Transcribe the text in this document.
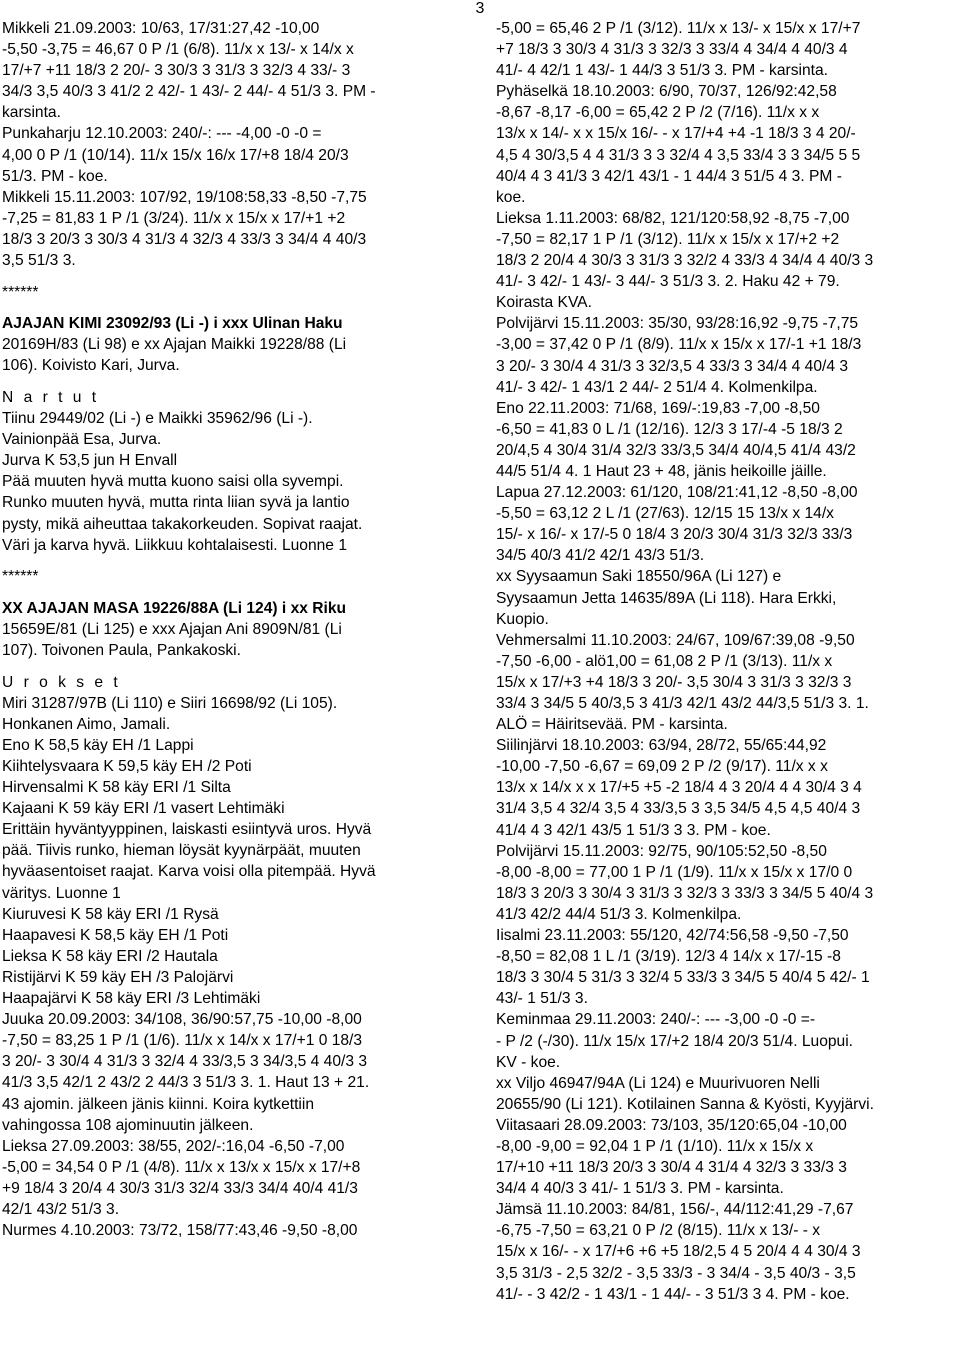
3
Mikkeli 21.09.2003: 10/63, 17/31:27,42 -10,00
-5,50 -3,75 = 46,67 0 P /1 (6/8). 11/x x 13/- x 14/x x
17/+7 +11 18/3 2 20/- 3 30/3 3 31/3 3 32/3 4 33/- 3
34/3 3,5 40/3 3 41/2 2 42/- 1 43/- 2 44/- 4 51/3 3. PM -
karsinta.
Punkaharju 12.10.2003: 240/-: --- -4,00 -0 -0 =
4,00 0 P /1 (10/14). 11/x 15/x 16/x 17/+8 18/4 20/3
51/3. PM - koe.
Mikkeli 15.11.2003: 107/92, 19/108:58,33 -8,50 -7,75
-7,25 = 81,83 1 P /1 (3/24). 11/x x 15/x x 17/+1 +2
18/3 3 20/3 3 30/3 4 31/3 4 32/3 4 33/3 3 34/4 4 40/3
3,5 51/3 3.
******
AJAJAN KIMI 23092/93 (Li -) i xxx Ulinan Haku
20169H/83 (Li 98) e xx Ajajan Maikki 19228/88 (Li
106). Koivisto Kari, Jurva.
N a r t u t
Tiinu 29449/02 (Li -) e Maikki 35962/96 (Li -).
Vainionpää Esa, Jurva.
Jurva K 53,5 jun H Envall
Pää muuten hyvä mutta kuono saisi olla syvempi.
Runko muuten hyvä, mutta rinta liian syvä ja lantio
pysty, mikä aiheuttaa takakorkeuden. Sopivat raajat.
Väri ja karva hyvä. Liikkuu kohtalaisesti. Luonne 1
******
XX AJAJAN MASA 19226/88A (Li 124) i xx Riku
15659E/81 (Li 125) e xxx Ajajan Ani 8909N/81 (Li
107). Toivonen Paula, Pankakoski.
U r o k s e t
Miri 31287/97B (Li 110) e Siiri 16698/92 (Li 105).
Honkanen Aimo, Jamali.
Eno K 58,5 käy EH /1 Lappi
Kiihtelysvaara K 59,5 käy EH /2 Poti
Hirvensalmi K 58 käy ERI /1 Silta
Kajaani K 59 käy ERI /1 vasert Lehtimäki
Erittäin hyväntyyppinen, laiskasti esiintyvä uros. Hyvä
pää. Tiivis runko, hieman löysät kyynärpäät, muuten
hyväasentoiset raajat. Karva voisi olla pitempää. Hyvä
väritys. Luonne 1
Kiuruvesi K 58 käy ERI /1 Rysä
Haapavesi K 58,5 käy EH /1 Poti
Lieksa K 58 käy ERI /2 Hautala
Ristijärvi K 59 käy EH /3 Palojärvi
Haapajärvi K 58 käy ERI /3 Lehtimäki
Juuka 20.09.2003: 34/108, 36/90:57,75 -10,00 -8,00
-7,50 = 83,25 1 P /1 (1/6). 11/x x 14/x x 17/+1 0 18/3
3 20/- 3 30/4 4 31/3 3 32/4 4 33/3,5 3 34/3,5 4 40/3 3
41/3 3,5 42/1 2 43/2 2 44/3 3 51/3 3. 1. Haut 13 + 21.
43 ajomin. jälkeen jänis kiinni. Koira kytkettiin
vahingossa 108 ajominuutin jälkeen.
Lieksa 27.09.2003: 38/55, 202/-:16,04 -6,50 -7,00
-5,00 = 34,54 0 P /1 (4/8). 11/x x 13/x x 15/x x 17/+8
+9 18/4 3 20/4 4 30/3 31/3 32/4 33/3 34/4 40/4 41/3
42/1 43/2 51/3 3.
Nurmes 4.10.2003: 73/72, 158/77:43,46 -9,50 -8,00
-5,00 = 65,46 2 P /1 (3/12). 11/x x 13/- x 15/x x 17/+7
+7 18/3 3 30/3 4 31/3 3 32/3 3 33/4 4 34/4 4 40/3 4
41/- 4 42/1 1 43/- 1 44/3 3 51/3 3. PM - karsinta.
Pyhäselkä 18.10.2003: 6/90, 70/37, 126/92:42,58
-8,67 -8,17 -6,00 = 65,42 2 P /2 (7/16). 11/x x x
13/x x 14/- x x 15/x 16/- - x 17/+4 +4 -1 18/3 3 4 20/-
4,5 4 30/3,5 4 4 31/3 3 3 32/4 4 3,5 33/4 3 3 34/5 5 5
40/4 4 3 41/3 3 42/1 43/1 - 1 44/4 3 51/5 4 3. PM -
koe.
Lieksa 1.11.2003: 68/82, 121/120:58,92 -8,75 -7,00
-7,50 = 82,17 1 P /1 (3/12). 11/x x 15/x x 17/+2 +2
18/3 2 20/4 4 30/3 3 31/3 3 32/2 4 33/3 4 34/4 4 40/3 3
41/- 3 42/- 1 43/- 3 44/- 3 51/3 3. 2. Haku 42 + 79.
Koirasta KVA.
Polvijärvi 15.11.2003: 35/30, 93/28:16,92 -9,75 -7,75
-3,00 = 37,42 0 P /1 (8/9). 11/x x 15/x x 17/-1 +1 18/3
3 20/- 3 30/4 4 31/3 3 32/3,5 4 33/3 3 34/4 4 40/4 3
41/- 3 42/- 1 43/1 2 44/- 2 51/4 4. Kolmenkilpa.
Eno 22.11.2003: 71/68, 169/-:19,83 -7,00 -8,50
-6,50 = 41,83 0 L /1 (12/16). 12/3 3 17/-4 -5 18/3 2
20/4,5 4 30/4 31/4 32/3 33/3,5 34/4 40/4,5 41/4 43/2
44/5 51/4 4. 1 Haut 23 + 48, jänis heikoille jäille.
Lapua 27.12.2003: 61/120, 108/21:41,12 -8,50 -8,00
-5,50 = 63,12 2 L /1 (27/63). 12/15 15 13/x x 14/x
15/- x 16/- x 17/-5 0 18/4 3 20/3 30/4 31/3 32/3 33/3
34/5 40/3 41/2 42/1 43/3 51/3.
xx Syysaamun Saki 18550/96A (Li 127) e
Syysaamun Jetta 14635/89A (Li 118). Hara Erkki,
Kuopio.
Vehmersalmi 11.10.2003: 24/67, 109/67:39,08 -9,50
-7,50 -6,00 - alö1,00 = 61,08 2 P /1 (3/13). 11/x x
15/x x 17/+3 +4 18/3 3 20/- 3,5 30/4 3 31/3 3 32/3 3
33/4 3 34/5 5 40/3,5 3 41/3 42/1 43/2 44/3,5 51/3 3. 1.
ALÖ = Häiritsevää. PM - karsinta.
Siilinjärvi 18.10.2003: 63/94, 28/72, 55/65:44,92
-10,00 -7,50 -6,67 = 69,09 2 P /2 (9/17). 11/x x x
13/x x 14/x x x 17/+5 +5 -2 18/4 4 3 20/4 4 4 30/4 3 4
31/4 3,5 4 32/4 3,5 4 33/3,5 3 3,5 34/5 4,5 4,5 40/4 3
41/4 4 3 42/1 43/5 1 51/3 3 3. PM - koe.
Polvijärvi 15.11.2003: 92/75, 90/105:52,50 -8,50
-8,00 -8,00 = 77,00 1 P /1 (1/9). 11/x x 15/x x 17/0 0
18/3 3 20/3 3 30/4 3 31/3 3 32/3 3 33/3 3 34/5 5 40/4 3
41/3 42/2 44/4 51/3 3. Kolmenkilpa.
Iisalmi 23.11.2003: 55/120, 42/74:56,58 -9,50 -7,50
-8,50 = 82,08 1 L /1 (3/19). 12/3 4 14/x x 17/-15 -8
18/3 3 30/4 5 31/3 3 32/4 5 33/3 3 34/5 5 40/4 5 42/- 1
43/- 1 51/3 3.
Keminmaa 29.11.2003: 240/-: --- -3,00 -0 -0 =-
- P /2 (-/30). 11/x 15/x 17/+2 18/4 20/3 51/4. Luopui.
KV - koe.
xx Viljo 46947/94A (Li 124) e Muurivuoren Nelli
20655/90 (Li 121). Kotilainen Sanna & Kyösti, Kyyjärvi.
Viitasaari 28.09.2003: 73/103, 35/120:65,04 -10,00
-8,00 -9,00 = 92,04 1 P /1 (1/10). 11/x x 15/x x
17/+10 +11 18/3 20/3 3 30/4 4 31/4 4 32/3 3 33/3 3
34/4 4 40/3 3 41/- 1 51/3 3. PM - karsinta.
Jämsä 11.10.2003: 84/81, 156/-, 44/112:41,29 -7,67
-6,75 -7,50 = 63,21 0 P /2 (8/15). 11/x x 13/- - x
15/x x 16/- - x 17/+6 +6 +5 18/2,5 4 5 20/4 4 4 30/4 3
3,5 31/3 - 2,5 32/2 - 3,5 33/3 - 3 34/4 - 3,5 40/3 - 3,5
41/- - 3 42/2 - 1 43/1 - 1 44/- - 3 51/3 3 4. PM - koe.
